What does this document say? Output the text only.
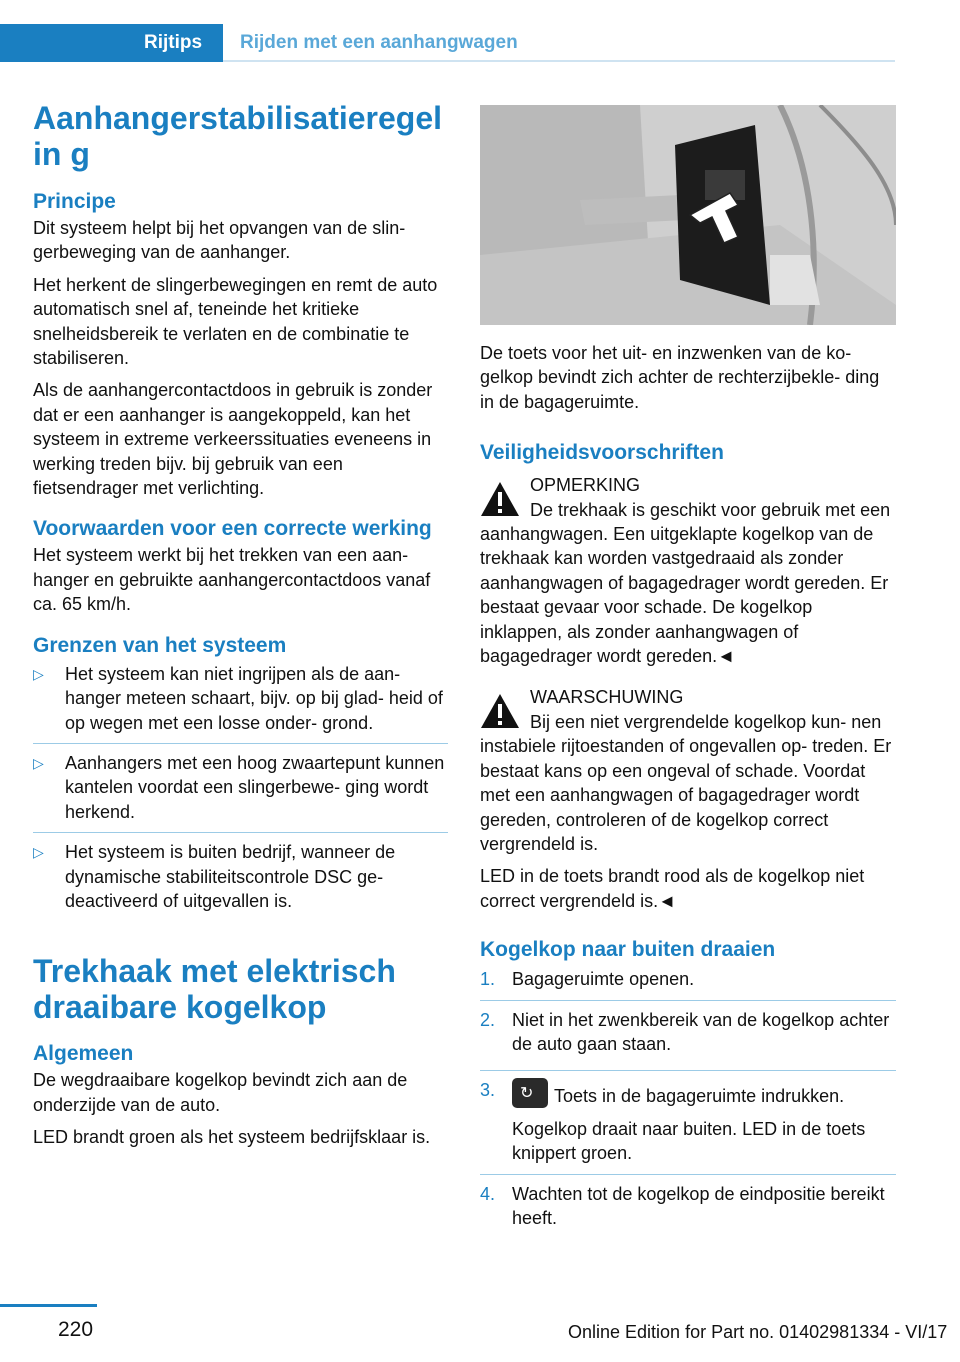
Rijtips	Rijden met een aanhangwagen
Aanhangerstabilisatieregelin g
Principe

Dit systeem helpt bij het opvangen van de slin‐ gerbeweging van de aanhanger.

Het herkent de slingerbewegingen en remt de auto automatisch snel af, teneinde het kritieke snelheidsbereik te verlaten en de combinatie te stabiliseren.

Als de aanhangercontactdoos in gebruik is zonder dat er een aanhanger is aangekoppeld, kan het systeem in extreme verkeerssituaties eveneens in werking treden bijv. bij gebruik van een fietsendrager met verlichting.

Voorwaarden voor een correcte werking

Het systeem werkt bij het trekken van een aan‐ hanger en gebruikte aanhangercontactdoos vanaf ca. 65 km/h.

Grenzen van het systeem
▷ Het systeem kan niet ingrijpen als de aan‐ hanger meteen schaart, bijv. op bij glad‐ heid of op wegen met een losse onder‐ grond.
▷ Aanhangers met een hoog zwaartepunt kunnen kantelen voordat een slingerbewe‐ ging wordt herkend.
▷ Het systeem is buiten bedrijf, wanneer de dynamische stabiliteitscontrole DSC ge‐ deactiveerd of uitgevallen is.
Trekhaak met elektrisch draaibare kogelkop
Algemeen

De wegdraaibare kogelkop bevindt zich aan de onderzijde van de auto.

LED brandt groen als het systeem bedrijfsklaar is.

De toets voor het uit- en inzwenken van de ko‐ gelkop bevindt zich achter de rechterzijbekle‐ ding in de bagageruimte.

Veiligheidsvoorschriften

OPMERKING

De trekhaak is geschikt voor gebruik met een aanhangwagen. Een uitgeklapte kogelkop van de trekhaak kan worden vastgedraaid als zonder aanhangwagen of bagagedrager wordt gereden. Er bestaat gevaar voor schade. De kogelkop inklappen, als zonder aanhangwagen of bagagedrager wordt gereden.◄

WAARSCHUWING

Bij een niet vergrendelde kogelkop kun‐ nen instabiele rijtoestanden of ongevallen op‐ treden. Er bestaat kans op een ongeval of schade. Voordat met een aanhangwagen of bagagedrager wordt gereden, controleren of de kogelkop correct vergrendeld is.

LED in de toets brandt rood als de kogelkop niet correct vergrendeld is.◄

Kogelkop naar buiten draaien
1. Bagageruimte openen.
2. Niet in het zwenkbereik van de kogelkop achter de auto gaan staan.
3. ↻ Toets in de bagageruimte indrukken.
Kogelkop draait naar buiten. LED in de toets knippert groen.
4. Wachten tot de kogelkop de eindpositie bereikt heeft.
220	Online Edition for Part no. 01402981334 - VI/17
